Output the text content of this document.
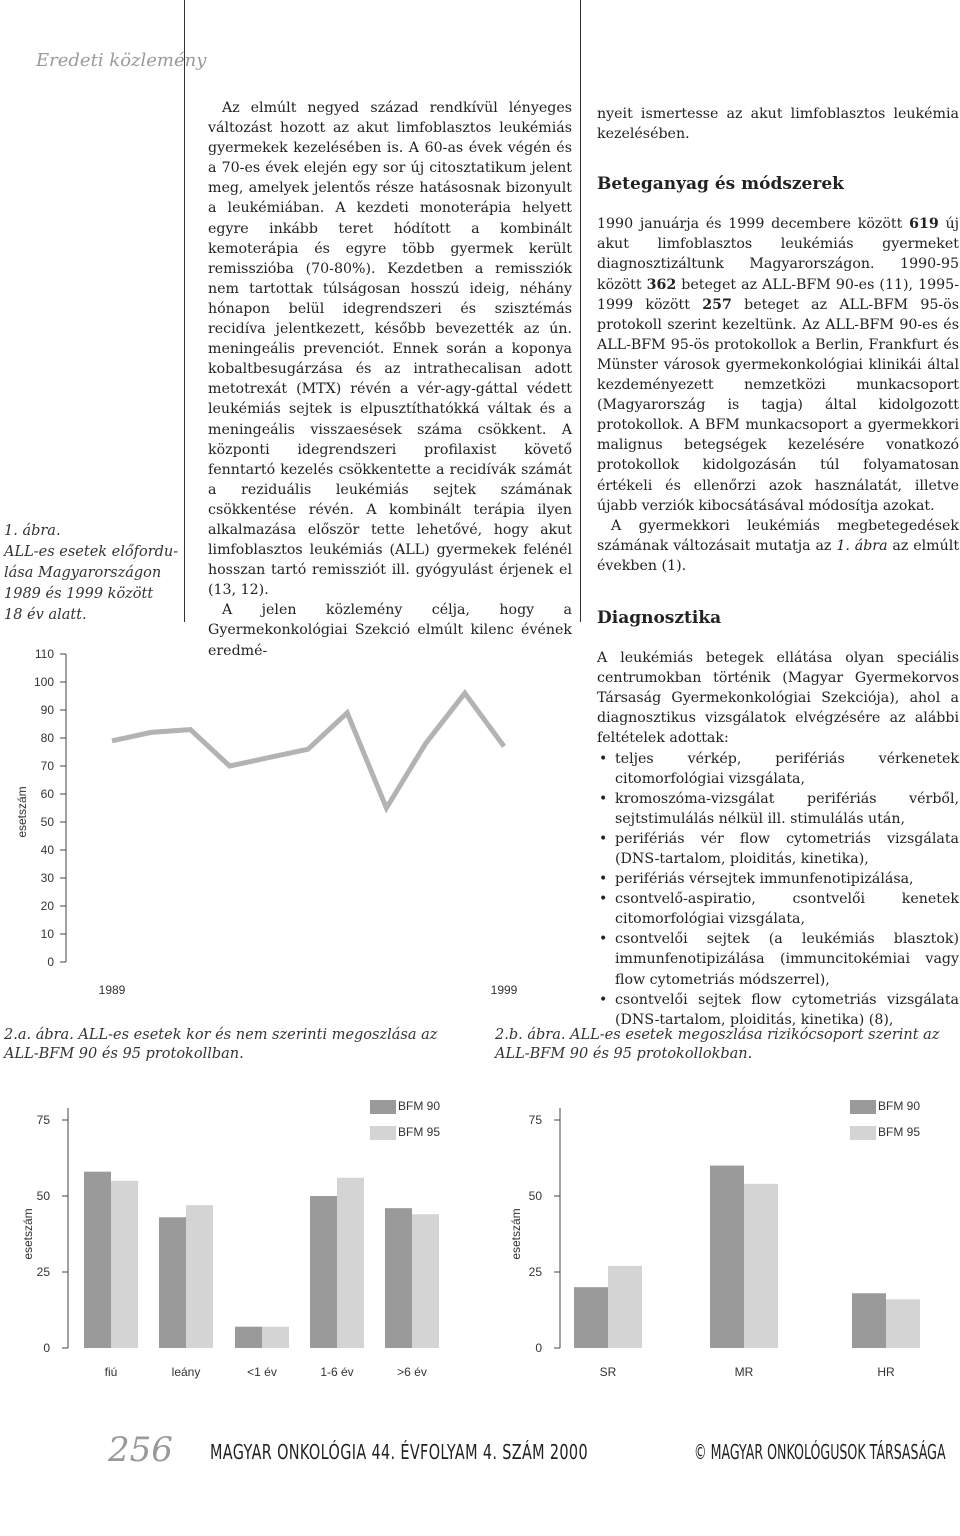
Eredeti közlemény
1. ábra.
ALL-es esetek előfordu-
lása Magyarországon
1989 és 1999 között
18 év alatt.

Az elmúlt negyed század rendkívül lényeges változást hozott az akut limfoblasztos leukémiás gyermekek kezelésében is. A 60-as évek végén és a 70-es évek elején egy sor új citosztatikum jelent meg, amelyek jelentős része hatásosnak bizonyult a leukémiában. A kezdeti monoterápia helyett egyre inkább teret hódított a kombinált kemoterápia és egyre több gyermek került remisszióba (70-80%). Kezdetben a remissziók nem tartottak túlságosan hosszú ideig, néhány hónapon belül idegrendszeri és szisztémás recidíva jelentkezett, később bevezették az ún. meningeális prevenciót. Ennek során a koponya kobaltbesugárzása és az intrathecalisan adott metotrexát (MTX) révén a vér-agy-gáttal védett leukémiás sejtek is elpusztíthatókká váltak és a meningeális visszaesések száma csökkent. A központi idegrendszeri profilaxist követő fenntartó kezelés csökkentette a recidívák számát a reziduális leukémiás sejtek számának csökkentése révén. A kombinált terápia ilyen alkalmazása először tette lehetővé, hogy akut limfoblasztos leukémiás (ALL) gyermekek felénél hosszan tartó remissziót ill. gyógyulást érjenek el (13, 12).

A jelen közlemény célja, hogy a Gyermekonkológiai Szekció elmúlt kilenc évének eredmé-

nyeit ismertesse az akut limfoblasztos leukémia kezelésében.

Beteganyag és módszerek

1990 januárja és 1999 decembere között 619 új akut limfoblasztos leukémiás gyermeket diagnosztizáltunk Magyarországon. 1990-95 között 362 beteget az ALL-BFM 90-es (11), 1995-1999 között 257 beteget az ALL-BFM 95-ös protokoll szerint kezeltünk. Az ALL-BFM 90-es és ALL-BFM 95-ös protokollok a Berlin, Frankfurt és Münster városok gyermekonkológiai klinikái által kezdeményezett nemzetközi munkacsoport (Magyarország is tagja) által kidolgozott protokollok. A BFM munkacsoport a gyermekkori malignus betegségek kezelésére vonatkozó protokollok kidolgozásán túl folyamatosan értékeli és ellenőrzi azok használatát, illetve újabb verziók kibocsátásával módosítja azokat.

A gyermekkori leukémiás megbetegedések számának változásait mutatja az 1. ábra az elmúlt években (1).

Diagnosztika

A leukémiás betegek ellátása olyan speciális centrumokban történik (Magyar Gyermekorvos Társaság Gyermekonkológiai Szekciója), ahol a diagnosztikus vizsgálatok elvégzésére az alábbi feltételek adottak:

• teljes vérkép, perifériás vérkenetek citomorfológiai vizsgálata,
• kromoszóma-vizsgálat perifériás vérből, sejtstimulálás nélkül ill. stimulálás után,
• perifériás vér flow cytometriás vizsgálata (DNS-tartalom, ploiditás, kinetika),
• perifériás vérsejtek immunfenotipizálása,
• csontvelő-aspiratio, csontvelői kenetek citomorfológiai vizsgálata,
• csontvelői sejtek (a leukémiás blasztok) immunfenotipizálása (immuncitokémiai vagy flow cytometriás módszerrel),
• csontvelői sejtek flow cytometriás vizsgálata (DNS-tartalom, ploiditás, kinetika) (8),
0
10
20
30
40
50
60
70
80
90
100
110
esetszám
1989	1999
2.a. ábra. ALL-es esetek kor és nem szerinti megoszlása az
ALL-BFM 90 és 95 protokollban.
2.b. ábra. ALL-es esetek megoszlása rizikócsoport szerint az
ALL-BFM 90 és 95 protokollokban.
0
25
50
75
esetszám
fiú	leány	<1 év	1-6 év	>6 év
BFM 90
BFM 95
0
25
50
75
esetszám
SR	MR	HR
BFM 90
BFM 95
256 MAGYAR ONKOLÓGIA 44. ÉVFOLYAM 4. SZÁM 2000	© MAGYAR ONKOLÓGUSOK TÁRSASÁGA
